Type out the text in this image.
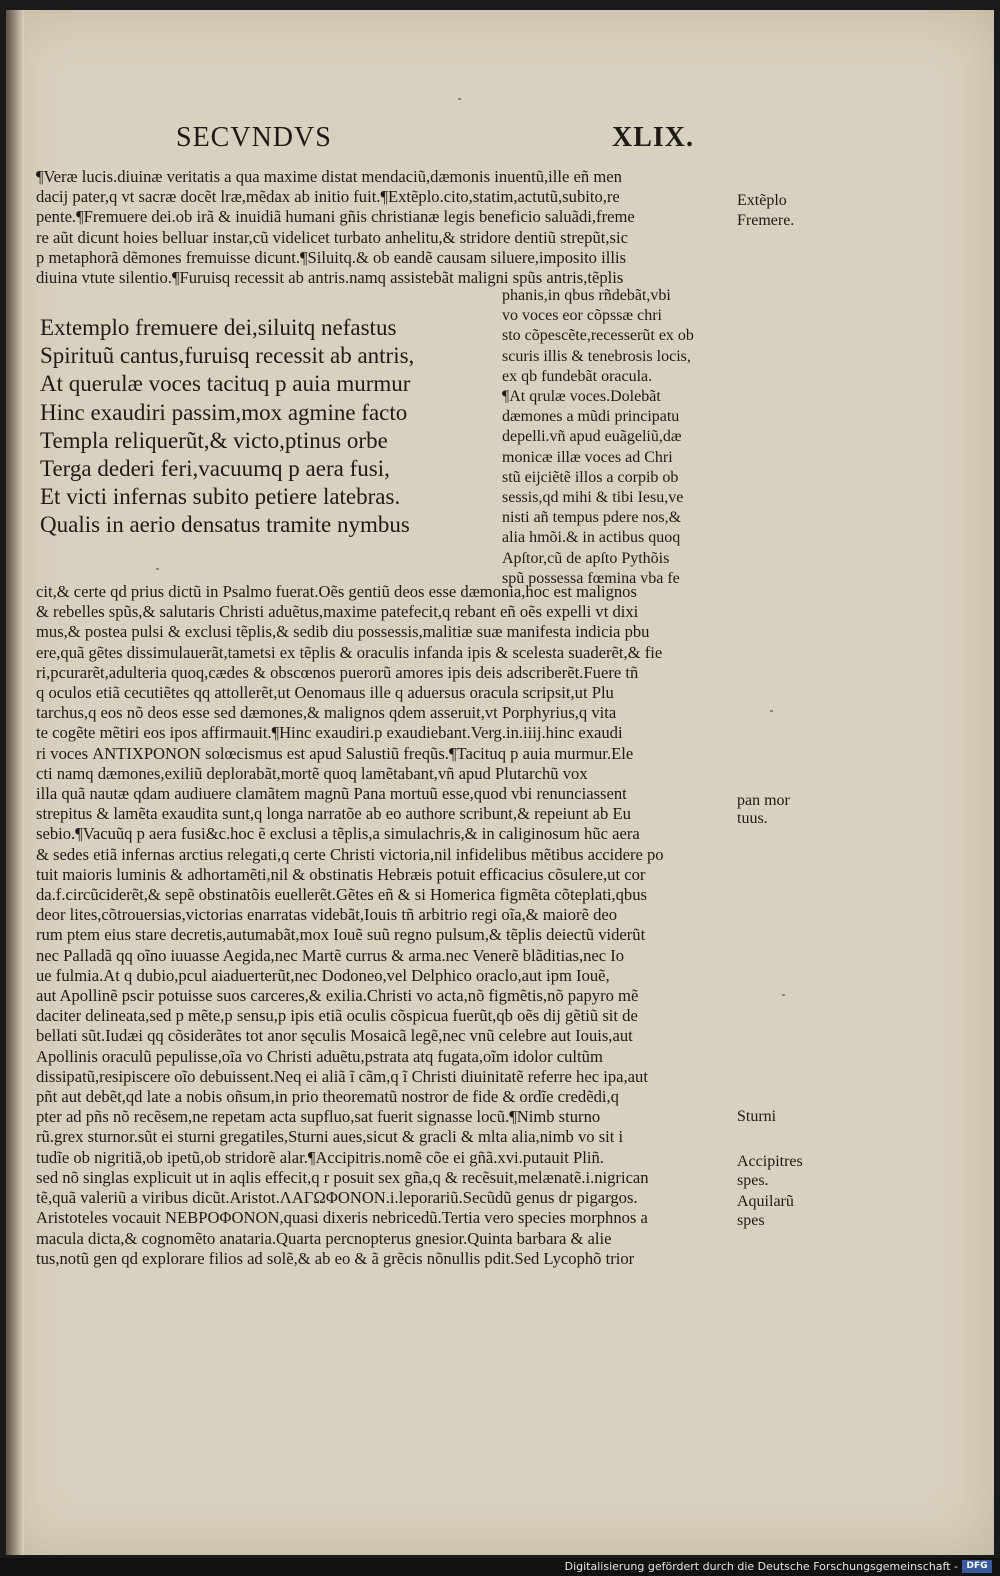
SECVNDVS	XLIX.
¶Veræ lucis.diuinæ veritatis a qua maxime distat mendaciũ,dæmonis inuentũ,ille eñ men
dacij pater,q vt sacræ docẽt lræ,mẽdax ab initio fuit.¶Extẽplo.cito,statim,actutũ,subito,re
pente.¶Fremuere dei.ob irã & inuidiã humani gñis christianæ legis beneficio saluãdi,freme
re aũt dicunt hoies belluar instar,cũ videlicet turbato anhelitu,& stridore dentiũ strepũt,sic
p metaphorã dẽmones fremuisse dicunt.¶Siluitq.& ob eandẽ causam siluere,imposito illis
diuina vtute silentio.¶Furuisq recessit ab antris.namq assistebãt maligni spũs antris,tẽplis
phanis,in qbus rñdebãt,vbi
vo voces eor cõpssæ chri
sto cõpescẽte,recesserũt ex ob
scuris illis & tenebrosis locis,
ex qb fundebãt oracula.
¶At qrulæ voces.Dolebãt
dæmones a mũdi principatu
depelli.vñ apud euãgeliũ,dæ
monicæ illæ voces ad Chri
stũ eijciẽtẽ illos a corpib ob
sessis,qd mihi & tibi Iesu,ve
nisti añ tempus pdere nos,&
alia hmõi.& in actibus quoq
Apſtor,cũ de apſto Pythõis
spũ possessa fœmina vba fe
Extemplo fremuere dei,siluitq nefastus
Spirituũ cantus,furuisq recessit ab antris,
At querulæ voces tacituq p auia murmur
Hinc exaudiri passim,mox agmine facto
Templa reliquerũt,& victo,ptinus orbe
Terga dederi feri,vacuumq p aera fusi,
Et victi infernas subito petiere latebras.
Qualis in aerio densatus tramite nymbus
cit,& certe qd prius dictũ in Psalmo fuerat.Oẽs gentiũ deos esse dæmonia,hoc est malignos
& rebelles spũs,& salutaris Christi aduẽtus,maxime patefecit,q rebant eñ oẽs expelli vt dixi
mus,& postea pulsi & exclusi tẽplis,& sedib diu possessis,malitiæ suæ manifesta indicia pbu
ere,quã gẽtes dissimulauerãt,tametsi ex tẽplis & oraculis infanda ipis & scelesta suaderẽt,& fie
ri,pcurarẽt,adulteria quoq,cædes & obscœnos puerorũ amores ipis deis adscriberẽt.Fuere tñ
q oculos etiã cecutiẽtes qq attollerẽt,ut Oenomaus ille q aduersus oracula scripsit,ut Plu
tarchus,q eos nõ deos esse sed dæmones,& malignos qdem asseruit,vt Porphyrius,q vita
te cogẽte mẽtiri eos ipos affirmauit.¶Hinc exaudiri.p exaudiebant.Verg.in.iiij.hinc exaudi
ri voces ΑΝΤΙΧΡΟΝΟΝ solœcismus est apud Salustiũ freqũs.¶Tacituq p auia murmur.Ele
cti namq dæmones,exiliũ deplorabãt,mortẽ quoq lamẽtabant,vñ apud Plutarchũ vox
illa quã nautæ qdam audiuere clamãtem magnũ Pana mortuũ esse,quod vbi renunciassent
strepitus & lamẽta exaudita sunt,q longa narratõe ab eo authore scribunt,& repeiunt ab Eu
sebio.¶Vacuũq p aera fusi&c.hoc ẽ exclusi a tẽplis,a simulachris,& in caliginosum hũc aera
& sedes etiã infernas arctius relegati,q certe Christi victoria,nil infidelibus mẽtibus accidere po
tuit maioris luminis & adhortamẽti,nil & obstinatis Hebræis potuit efficacius cõsulere,ut cor
da.f.circũciderẽt,& sepẽ obstinatõis euellerẽt.Gẽtes eñ & si Homerica figmẽta cõteplati,qbus
deor lites,cõtrouersias,victorias enarratas videbãt,Iouis tñ arbitrio regi oĩa,& maiorẽ deo
rum ptem eius stare decretis,autumabãt,mox Iouẽ suũ regno pulsum,& tẽplis deiectũ viderũt
nec Palladã qq oĩno iuuasse Aegida,nec Martẽ currus & arma.nec Venerẽ blãditias,nec Io
ue fulmia.At q dubio,pcul aiaduerterũt,nec Dodoneo,vel Delphico oraclo,aut ipm Iouẽ,
aut Apollinẽ pscir potuisse suos carceres,& exilia.Christi vo acta,nõ figmẽtis,nõ papyro mẽ
daciter delineata,sed p mẽte,p sensu,p ipis etiã oculis cõspicua fuerũt,qb oẽs dij gẽtiũ sit de
bellati sũt.Iudæi qq cõsiderãtes tot anor sęculis Mosaicã legẽ,nec vnũ celebre aut Iouis,aut
Apollinis oraculũ pepulisse,oĩa vo Christi aduẽtu,pstrata atq fugata,oĩm idolor cultũm
dissipatũ,resipiscere oĩo debuissent.Neq ei aliã ĩ cãm,q ĩ Christi diuinitatẽ referre hec ipa,aut
pñt aut debẽt,qd late a nobis oñsum,in prio theorematũ nostror de fide & ordĩe credẽdi,q
pter ad pñs nõ recẽsem,ne repetam acta supfluo,sat fuerit signasse locũ.¶Nimb sturno
rũ.grex sturnor.sũt ei sturni gregatiles,Sturni aues,sicut & gracli & mlta alia,nimb vo sit i
tudĩe ob nigritiã,ob ipetũ,ob stridorẽ alar.¶Accipitris.nomẽ cõe ei gñã.xvi.putauit Pliñ.
sed nõ singlas explicuit ut in aqlis effecit,q r posuit sex gña,q & recẽsuit,melænatẽ.i.nigrican
tẽ,quã valeriũ a viribus dicũt.Aristot.ΛΑΓΩΦΟΝΟΝ.i.leporariũ.Secũdũ genus dr pigargos.
Aristoteles vocauit ΝΕΒΡΟΦΟΝΟΝ,quasi dixeris nebricedũ.Tertia vero species morphnos a
macula dicta,& cognomẽto anataria.Quarta percnopterus gnesior.Quinta barbara & alie
tus,notũ gen qd explorare filios ad solẽ,& ab eo & ã grẽcis nõnullis pdit.Sed Lycophõ trior
Extẽplo
Fremere.
pan mor
tuus.
Sturni
Accipitres
spes.
Aquilarũ
spes
Digitalisierung gefördert durch die Deutsche Forschungsgemeinschaft - DFG
